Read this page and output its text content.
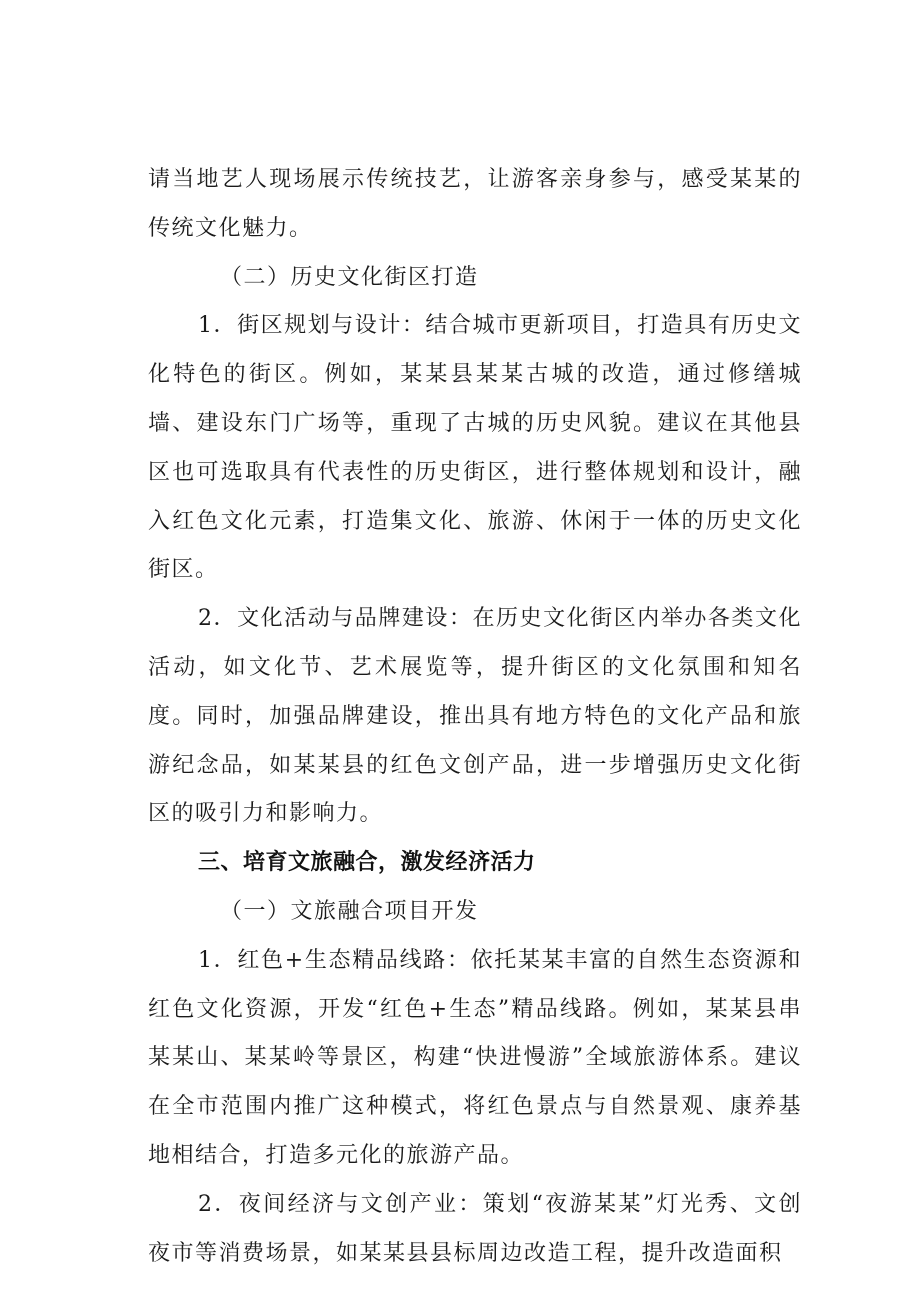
请当地艺人现场展示传统技艺，让游客亲身参与，感受某某的传统文化魅力。

（二）历史文化街区打造

1．街区规划与设计：结合城市更新项目，打造具有历史文化特色的街区。例如，某某县某某古城的改造，通过修缮城墙、建设东门广场等，重现了古城的历史风貌。建议在其他县区也可选取具有代表性的历史街区，进行整体规划和设计，融入红色文化元素，打造集文化、旅游、休闲于一体的历史文化街区。

2．文化活动与品牌建设：在历史文化街区内举办各类文化活动，如文化节、艺术展览等，提升街区的文化氛围和知名度。同时，加强品牌建设，推出具有地方特色的文化产品和旅游纪念品，如某某县的红色文创产品，进一步增强历史文化街区的吸引力和影响力。

三、培育文旅融合，激发经济活力

（一）文旅融合项目开发

1．红色+生态精品线路：依托某某丰富的自然生态资源和红色文化资源，开发“红色+生态”精品线路。例如，某某县串某某山、某某岭等景区，构建“快进慢游”全域旅游体系。建议在全市范围内推广这种模式，将红色景点与自然景观、康养基地相结合，打造多元化的旅游产品。

2．夜间经济与文创产业：策划“夜游某某”灯光秀、文创夜市等消费场景，如某某县县标周边改造工程，提升改造面积
